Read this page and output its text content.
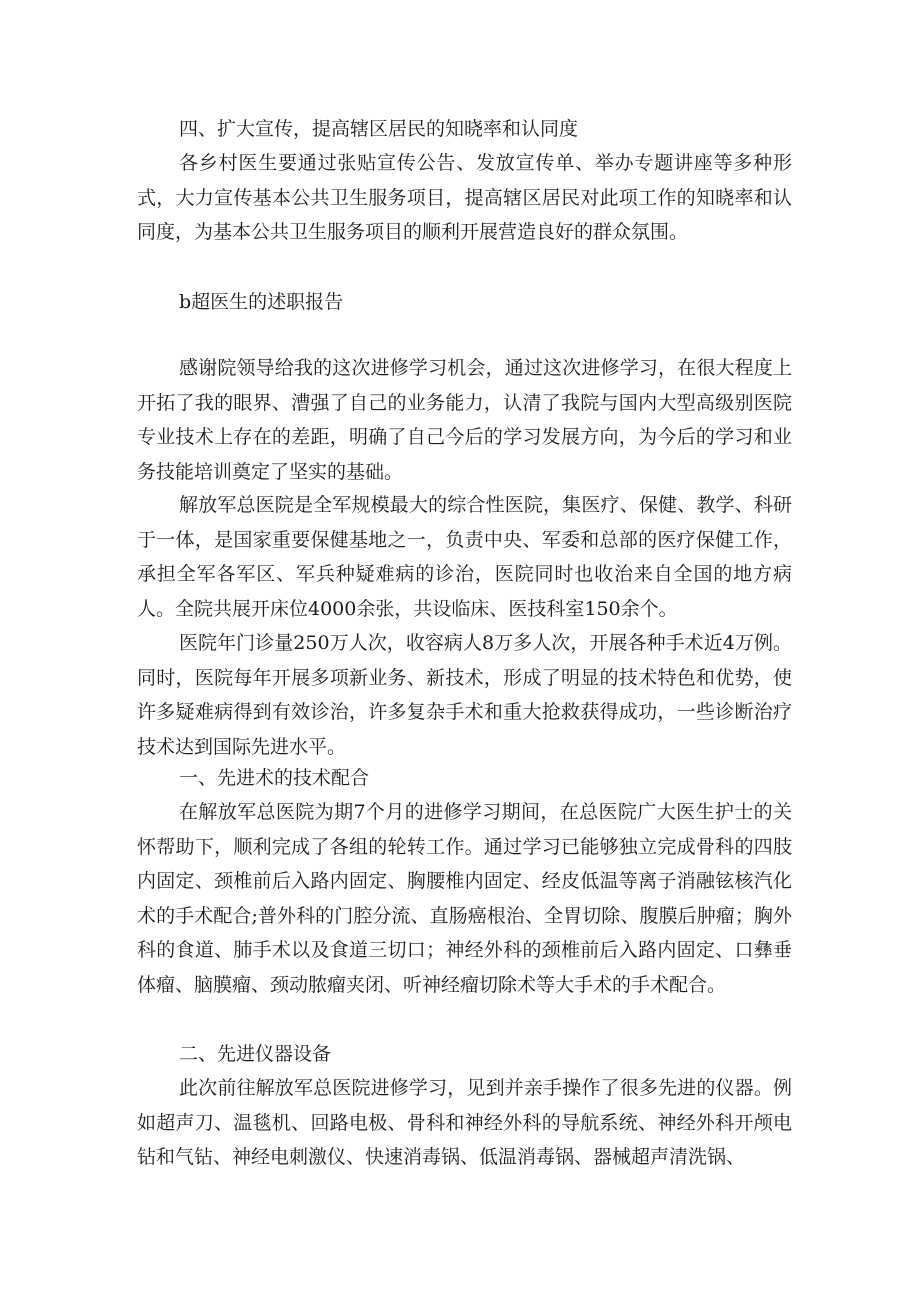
四、扩大宣传，提高辖区居民的知晓率和认同度

各乡村医生要通过张贴宣传公告、发放宣传单、举办专题讲座等多种形式，大力宣传基本公共卫生服务项目，提高辖区居民对此项工作的知晓率和认同度，为基本公共卫生服务项目的顺利开展营造良好的群众氛围。

b超医生的述职报告

感谢院领导给我的这次进修学习机会，通过这次进修学习，在很大程度上开拓了我的眼界、漕强了自己的业务能力，认清了我院与国内大型高级别医院专业技术上存在的差距，明确了自己今后的学习发展方向，为今后的学习和业务技能培训奠定了坚实的基础。

解放军总医院是全军规模最大的综合性医院，集医疗、保健、教学、科研于一体，是国家重要保健基地之一，负责中央、军委和总部的医疗保健工作，承担全军各军区、军兵种疑难病的诊治，医院同时也收治来自全国的地方病人。全院共展开床位4000余张，共设临床、医技科室150余个。

医院年门诊量250万人次，收容病人8万多人次，开展各种手术近4万例。同时，医院每年开展多项新业务、新技术，形成了明显的技术特色和优势，使许多疑难病得到有效诊治，许多复杂手术和重大抢救获得成功，一些诊断治疗技术达到国际先进水平。

一、先进术的技术配合

在解放军总医院为期7个月的进修学习期间，在总医院广大医生护士的关怀帮助下，顺利完成了各组的轮转工作。通过学习已能够独立完成骨科的四肢内固定、颈椎前后入路内固定、胸腰椎内固定、经皮低温等离子消融铉核汽化术的手术配合;普外科的门腔分流、直肠癌根治、全胃切除、腹膜后肿瘤；胸外科的食道、肺手术以及食道三切口；神经外科的颈椎前后入路内固定、口彝垂体瘤、脑膜瘤、颈动脓瘤夹闭、听神经瘤切除术等大手术的手术配合。

二、先进仪器设备

此次前往解放军总医院进修学习，见到并亲手操作了很多先进的仪器。例如超声刀、温毯机、回路电极、骨科和神经外科的导航系统、神经外科开颅电钻和气钻、神经电刺激仪、快速消毒锅、低温消毒锅、器械超声清洗锅、
